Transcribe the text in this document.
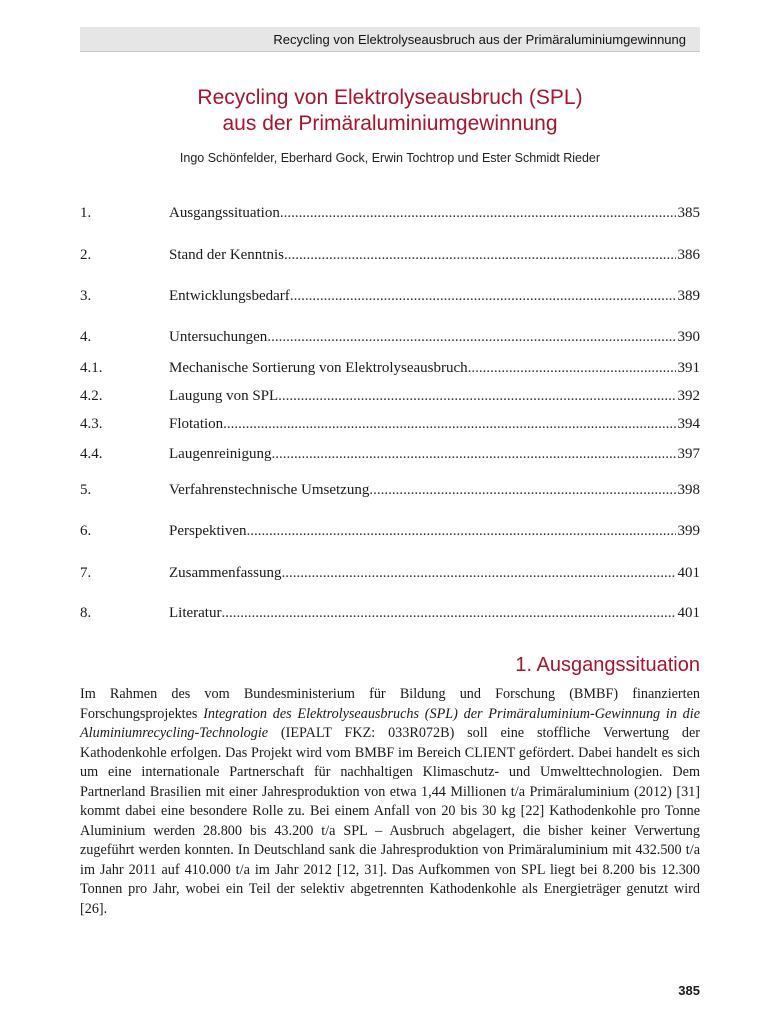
Recycling von Elektrolyseausbruch aus der Primäraluminiumgewinnung
Recycling von Elektrolyseausbruch (SPL)
aus der Primäraluminiumgewinnung
Ingo Schönfelder, Eberhard Gock, Erwin Tochtrop und Ester Schmidt Rieder
1.	Ausgangssituation .....	385
2.	Stand der Kenntnis .....	386
3.	Entwicklungsbedarf .....	389
4.	Untersuchungen .....	390
4.1.	Mechanische Sortierung von Elektrolyseausbruch .....	391
4.2.	Laugung von SPL .....	392
4.3.	Flotation .....	394
4.4.	Laugenreinigung .....	397
5.	Verfahrenstechnische Umsetzung .....	398
6.	Perspektiven .....	399
7.	Zusammenfassung .....	401
8.	Literatur .....	401
1. Ausgangssituation

Im Rahmen des vom Bundesministerium für Bildung und Forschung (BMBF) finanzierten Forschungsprojektes Integration des Elektrolyseausbruchs (SPL) der Primäraluminium-Gewinnung in die Aluminiumrecycling-Technologie (IEPALT FKZ: 033R072B) soll eine stoffliche Verwertung der Kathodenkohle erfolgen. Das Projekt wird vom BMBF im Bereich CLIENT gefördert. Dabei handelt es sich um eine internationale Partnerschaft für nachhaltigen Klimaschutz- und Umwelttechnologien. Dem Partnerland Brasilien mit einer Jahresproduktion von etwa 1,44 Millionen t/a Primäraluminium (2012) [31] kommt dabei eine besondere Rolle zu. Bei einem Anfall von 20 bis 30 kg [22] Kathodenkohle pro Tonne Aluminium werden 28.800 bis 43.200 t/a SPL – Ausbruch abgelagert, die bisher keiner Verwertung zugeführt werden konnten. In Deutschland sank die Jahresproduktion von Primäraluminium mit 432.500 t/a im Jahr 2011 auf 410.000 t/a im Jahr 2012 [12, 31]. Das Aufkommen von SPL liegt bei 8.200 bis 12.300 Tonnen pro Jahr, wobei ein Teil der selektiv abgetrennten Kathodenkohle als Energieträger genutzt wird [26].

385
